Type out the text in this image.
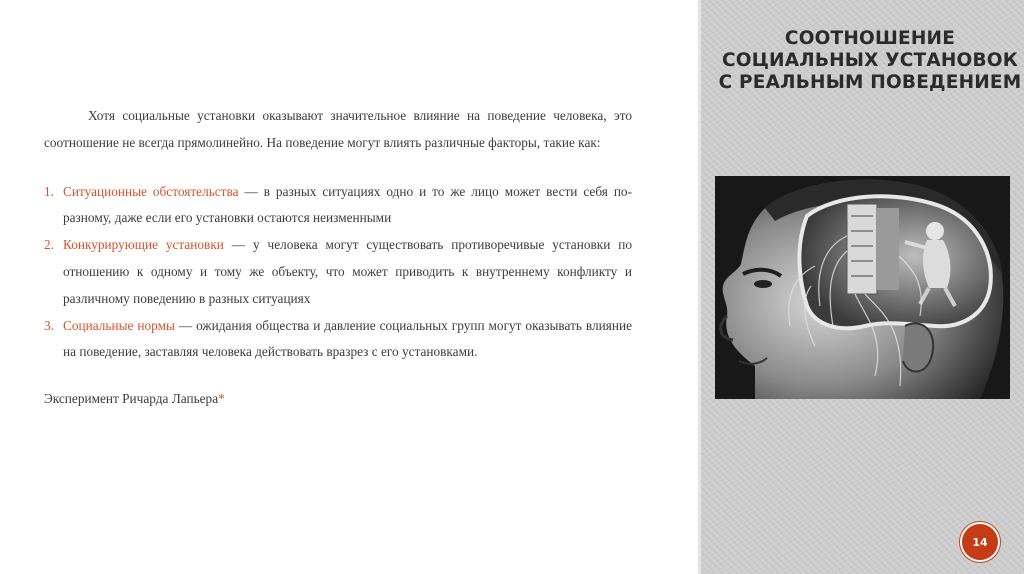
Хотя социальные установки оказывают значительное влияние на поведение человека, это соотношение не всегда прямолинейно. На поведение могут влиять различные факторы, такие как:

1. Ситуационные обстоятельства — в разных ситуациях одно и то же лицо может вести себя по-разному, даже если его установки остаются неизменными
2. Конкурирующие установки — у человека могут существовать противоречивые установки по отношению к одному и тому же объекту, что может приводить к внутреннему конфликту и различному поведению в разных ситуациях
3. Социальные нормы — ожидания общества и давление социальных групп могут оказывать влияние на поведение, заставляя человека действовать вразрез с его установками.

Эксперимент Ричарда Лапьера*

СООТНОШЕНИЕ СОЦИАЛЬНЫХ УСТАНОВОК С РЕАЛЬНЫМ ПОВЕДЕНИЕМ
14
